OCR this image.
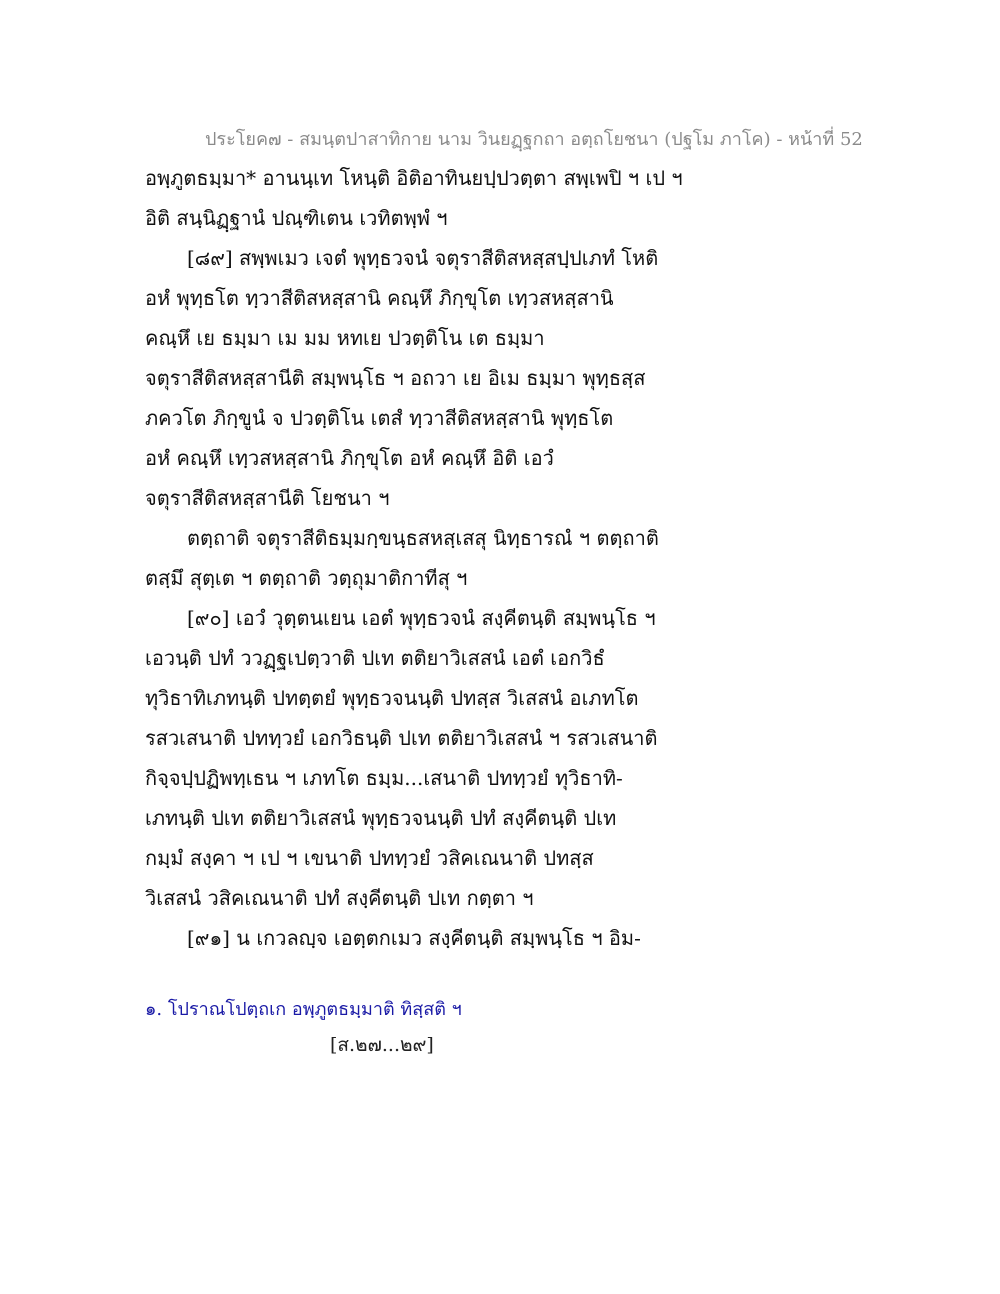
ประโยค๗ - สมนฺตปาสาทิกาย นาม วินยฏฺฐกถา อตฺถโยชนา (ปฐโม ภาโค) - หน้าที่ 52
อพฺภูตธมฺมา* อานนฺเท โหนฺติ อิติอาทินยปฺปวตฺตา สพฺเพปิ ฯ เป ฯ
อิติ สนฺนิฏฺฐานํ ปณฺฑิเตน เวทิตพฺพํ ฯ
[๘๙] สพฺพเมว เจตํ พุทฺธวจนํ จตุราสีติสหสฺสปฺปเภทํ โหติ
อหํ พุทฺธโต ทฺวาสีติสหสฺสานิ คณฺหึ ภิกฺขุโต เทฺวสหสฺสานิ
คณฺหึ เย ธมฺมา เม มม หทเย ปวตฺติโน เต ธมฺมา
จตุราสีติสหสฺสานีติ สมฺพนฺโธ ฯ อถวา เย อิเม ธมฺมา พุทฺธสฺส
ภควโต ภิกฺขูนํ จ ปวตฺติโน เตสํ ทฺวาสีติสหสฺสานิ พุทฺธโต
อหํ คณฺหึ เทฺวสหสฺสานิ ภิกฺขุโต อหํ คณฺหึ อิติ เอวํ
จตุราสีติสหสฺสานีติ โยชนา ฯ
ตตฺถาติ จตุราสีติธมฺมกฺขนฺธสหสฺเสสุ นิทฺธารณํ ฯ ตตฺถาติ
ตสฺมึ สุตฺเต ฯ ตตฺถาติ วตฺถุมาติกาทีสุ ฯ
[๙๐] เอวํ วุตฺตนเยน เอตํ พุทฺธวจนํ สงฺคีตนฺติ สมฺพนฺโธ ฯ
เอวนฺติ ปทํ ววฏฺฐเปตฺวาติ ปเท ตติยาวิเสสนํ เอตํ เอกวิธํ
ทุวิธาทิเภทนฺติ ปทตฺตยํ พุทฺธวจนนฺติ ปทสฺส วิเสสนํ อเภทโต
รสวเสนาติ ปททฺวยํ เอกวิธนฺติ ปเท ตติยาวิเสสนํ ฯ รสวเสนาติ
กิจฺจปฺปฏิพทฺเธน ฯ เภทโต ธมฺม...เสนาติ ปททฺวยํ ทุวิธาทิ-
เภทนฺติ ปเท ตติยาวิเสสนํ พุทฺธวจนนฺติ ปทํ สงฺคีตนฺติ ปเท
กมฺมํ สงฺคา ฯ เป ฯ เขนาติ ปททฺวยํ วสิคเณนาติ ปทสฺส
วิเสสนํ วสิคเณนาติ ปทํ สงฺคีตนฺติ ปเท กตฺตา ฯ
[๙๑] น เกวลญฺจ เอตฺตกเมว สงฺคีตนฺติ สมฺพนฺโธ ฯ อิม-
๑. โปราณโปตฺถเก อพฺภูตธมฺมาติ ทิสฺสติ ฯ
[ส.๒๗...๒๙]
